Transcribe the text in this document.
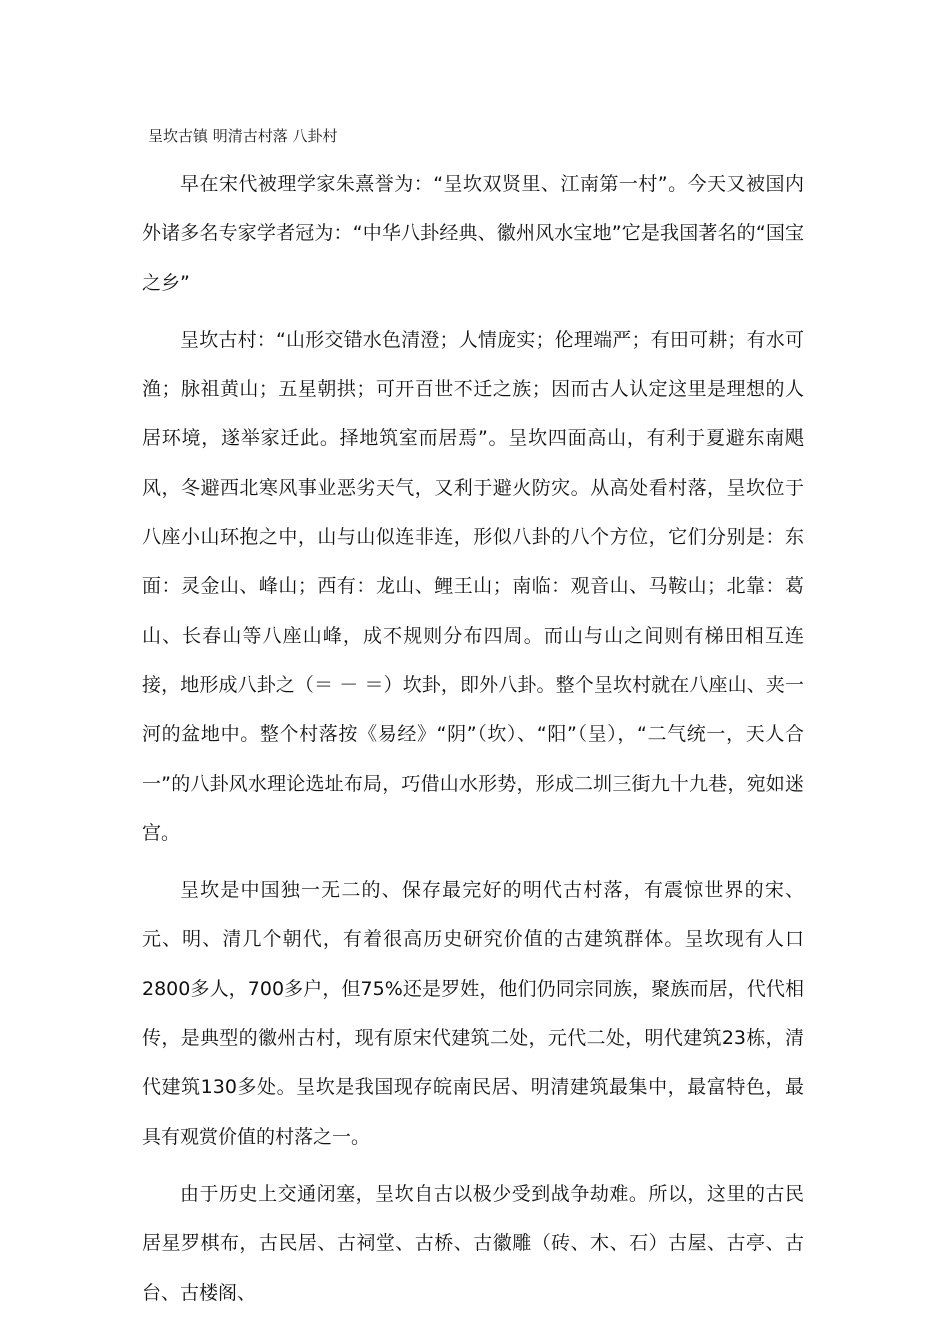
呈坎古镇 明清古村落 八卦村

早在宋代被理学家朱熹誉为：“呈坎双贤里、江南第一村”。今天又被国内外诸多名专家学者冠为：“中华八卦经典、徽州风水宝地”它是我国著名的“国宝之乡”

呈坎古村：“山形交错水色清澄；人情庞实；伦理端严；有田可耕；有水可渔；脉祖黄山；五星朝拱；可开百世不迁之族；因而古人认定这里是理想的人居环境，遂举家迁此。择地筑室而居焉”。呈坎四面高山，有利于夏避东南飓风，冬避西北寒风事业恶劣天气，又利于避火防灾。从高处看村落，呈坎位于八座小山环抱之中，山与山似连非连，形似八卦的八个方位，它们分别是：东面：灵金山、峰山；西有：龙山、鲤王山；南临：观音山、马鞍山；北靠：葛山、长春山等八座山峰，成不规则分布四周。而山与山之间则有梯田相互连接，地形成八卦之（＝ － ＝）坎卦，即外八卦。整个呈坎村就在八座山、夹一河的盆地中。整个村落按《易经》“阴”（坎）、“阳”（呈），“二气统一，天人合一”的八卦风水理论选址布局，巧借山水形势，形成二圳三街九十九巷，宛如迷宫。

呈坎是中国独一无二的、保存最完好的明代古村落，有震惊世界的宋、元、明、清几个朝代，有着很高历史研究价值的古建筑群体。呈坎现有人口2800多人，700多户，但75%还是罗姓，他们仍同宗同族，聚族而居，代代相传，是典型的徽州古村，现有原宋代建筑二处，元代二处，明代建筑23栋，清代建筑130多处。呈坎是我国现存皖南民居、明清建筑最集中，最富特色，最具有观赏价值的村落之一。

由于历史上交通闭塞，呈坎自古以极少受到战争劫难。所以，这里的古民居星罗棋布，古民居、古祠堂、古桥、古徽雕（砖、木、石）古屋、古亭、古台、古楼阁、
